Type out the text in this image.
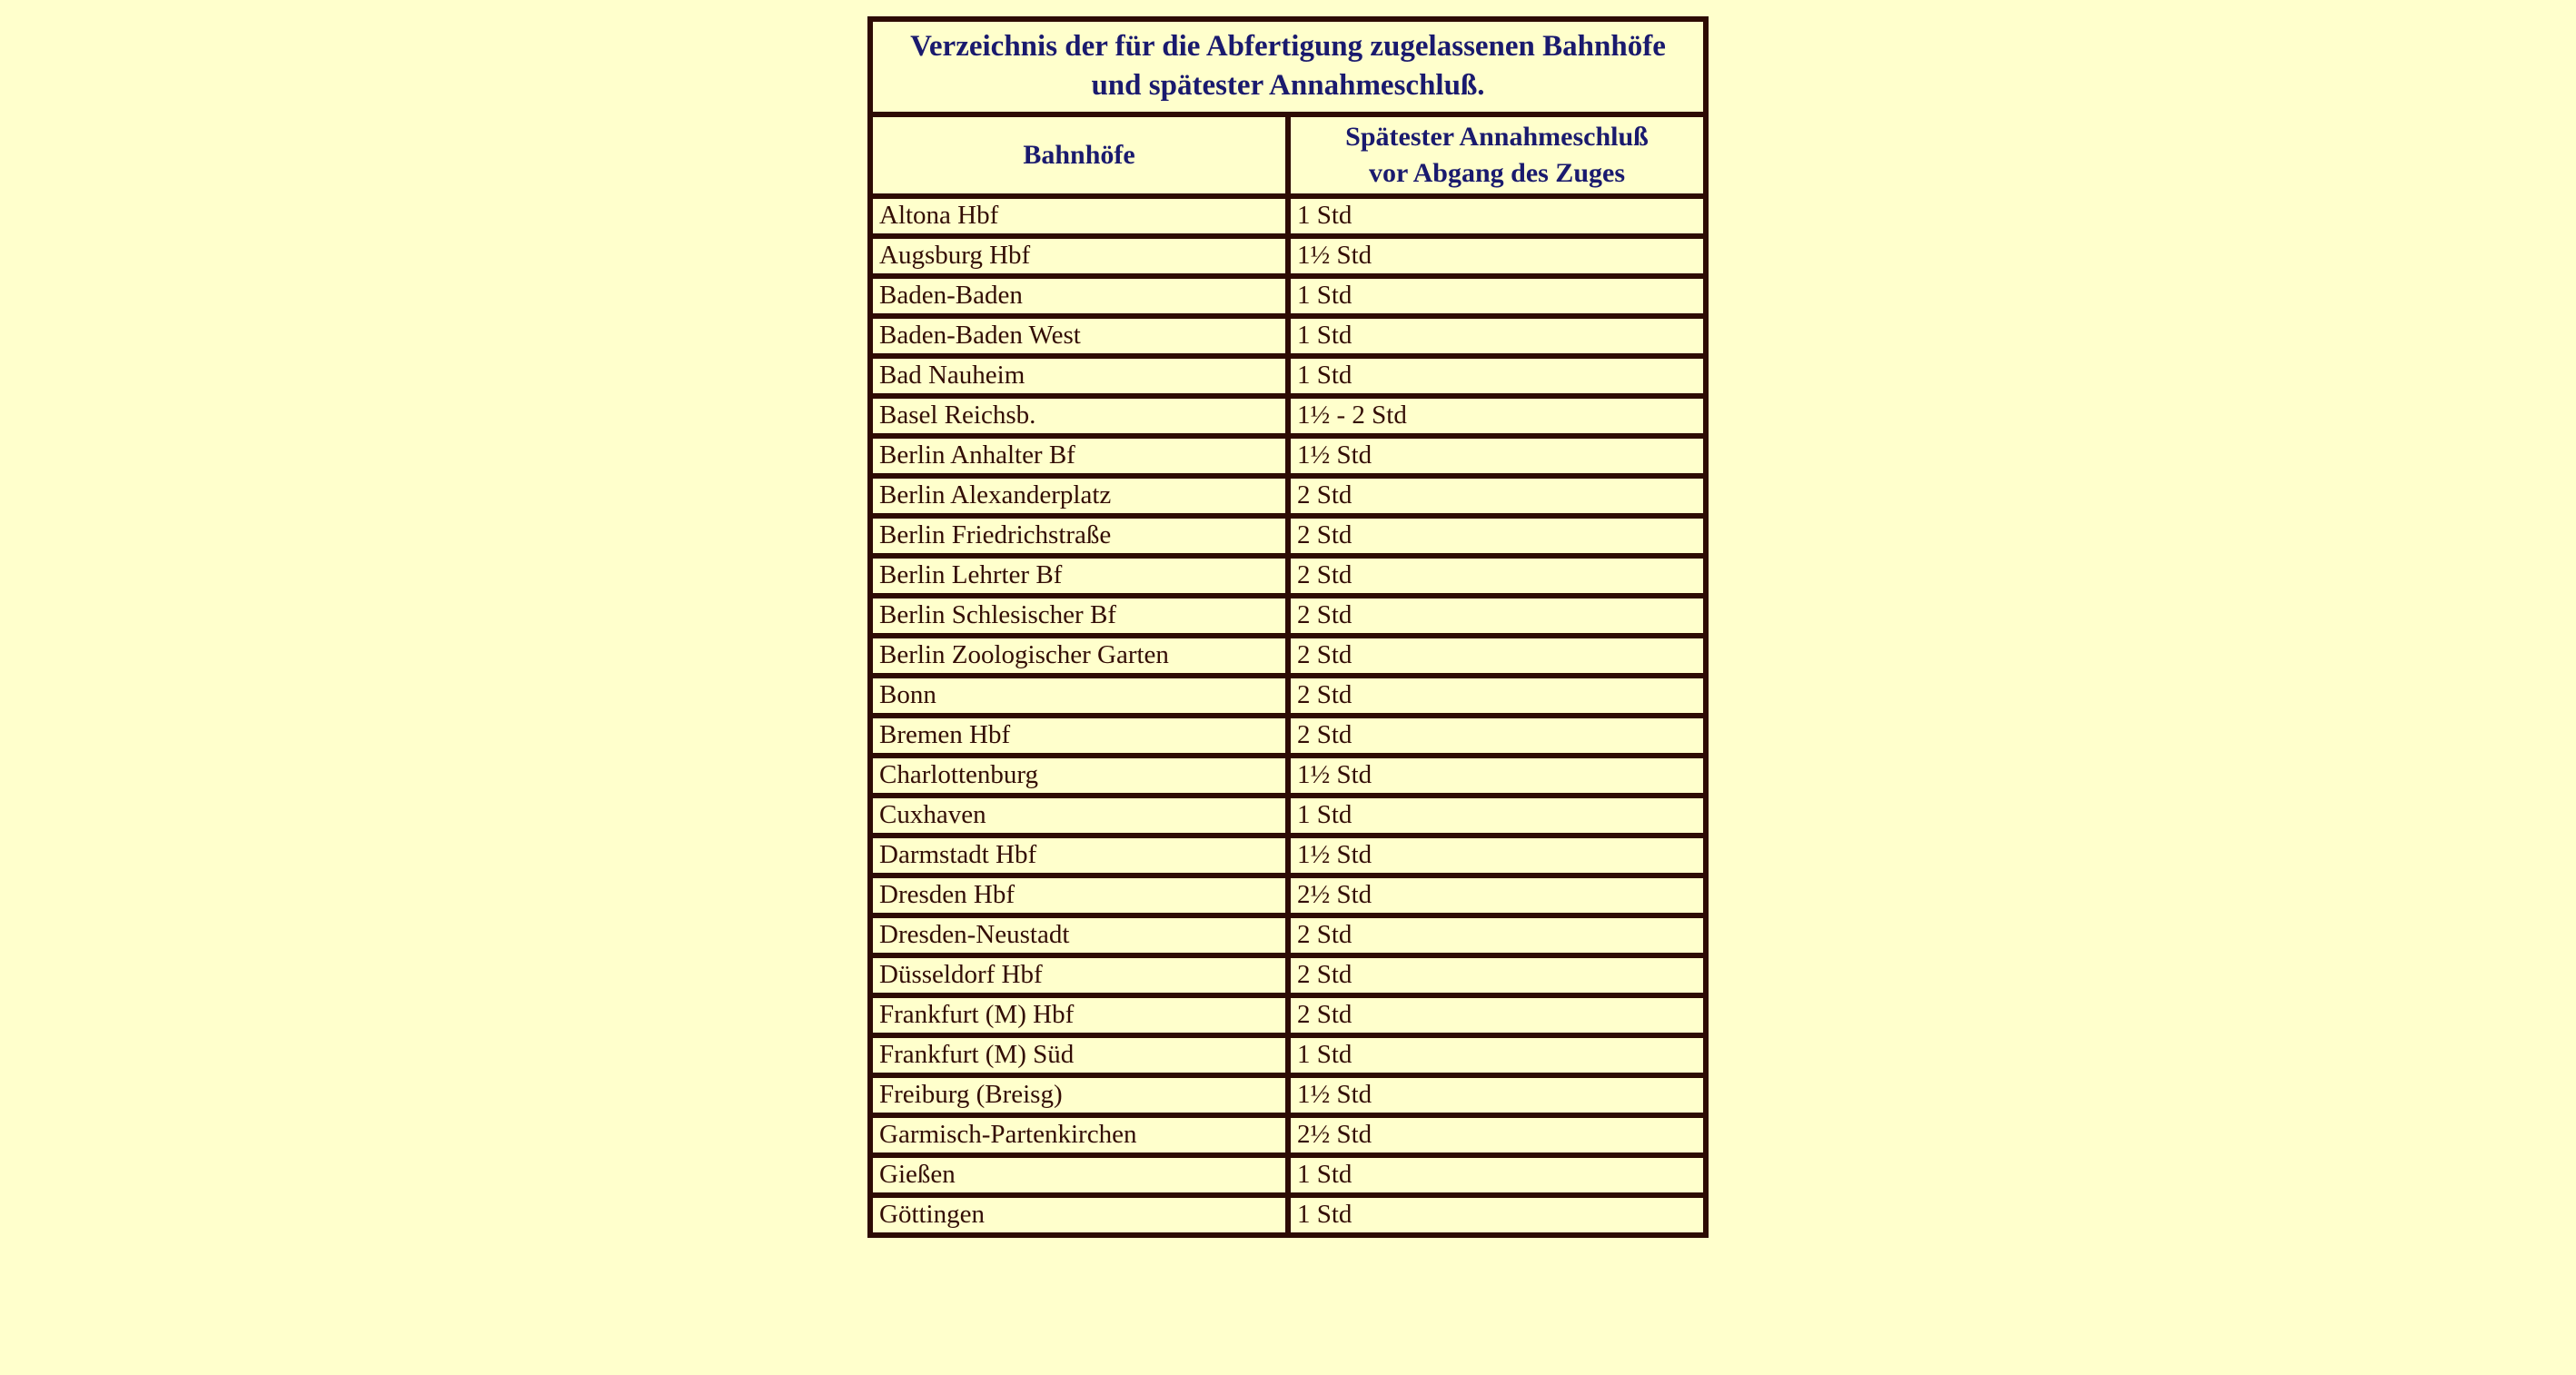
Verzeichnis der für die Abfertigung zugelassenen Bahnhöfe
und spätester Annahmeschluß.	

Bahnhöfe	Spätester Annahmeschluß
vor Abgang des Zuges

Altona Hbf	1 Std
Augsburg Hbf	1½ Std
Baden-Baden	1 Std
Baden-Baden West	1 Std
Bad Nauheim	1 Std
Basel Reichsb.	1½ - 2 Std
Berlin Anhalter Bf	1½ Std
Berlin Alexanderplatz	2 Std
Berlin Friedrichstraße	2 Std
Berlin Lehrter Bf	2 Std
Berlin Schlesischer Bf	2 Std
Berlin Zoologischer Garten	2 Std
Bonn	2 Std
Bremen Hbf	2 Std
Charlottenburg	1½ Std
Cuxhaven	1 Std
Darmstadt Hbf	1½ Std
Dresden Hbf	2½ Std
Dresden-Neustadt	2 Std
Düsseldorf Hbf	2 Std
Frankfurt (M) Hbf	2 Std
Frankfurt (M) Süd	1 Std
Freiburg (Breisg)	1½ Std
Garmisch-Partenkirchen	2½ Std
Gießen	1 Std
Göttingen	1 Std
